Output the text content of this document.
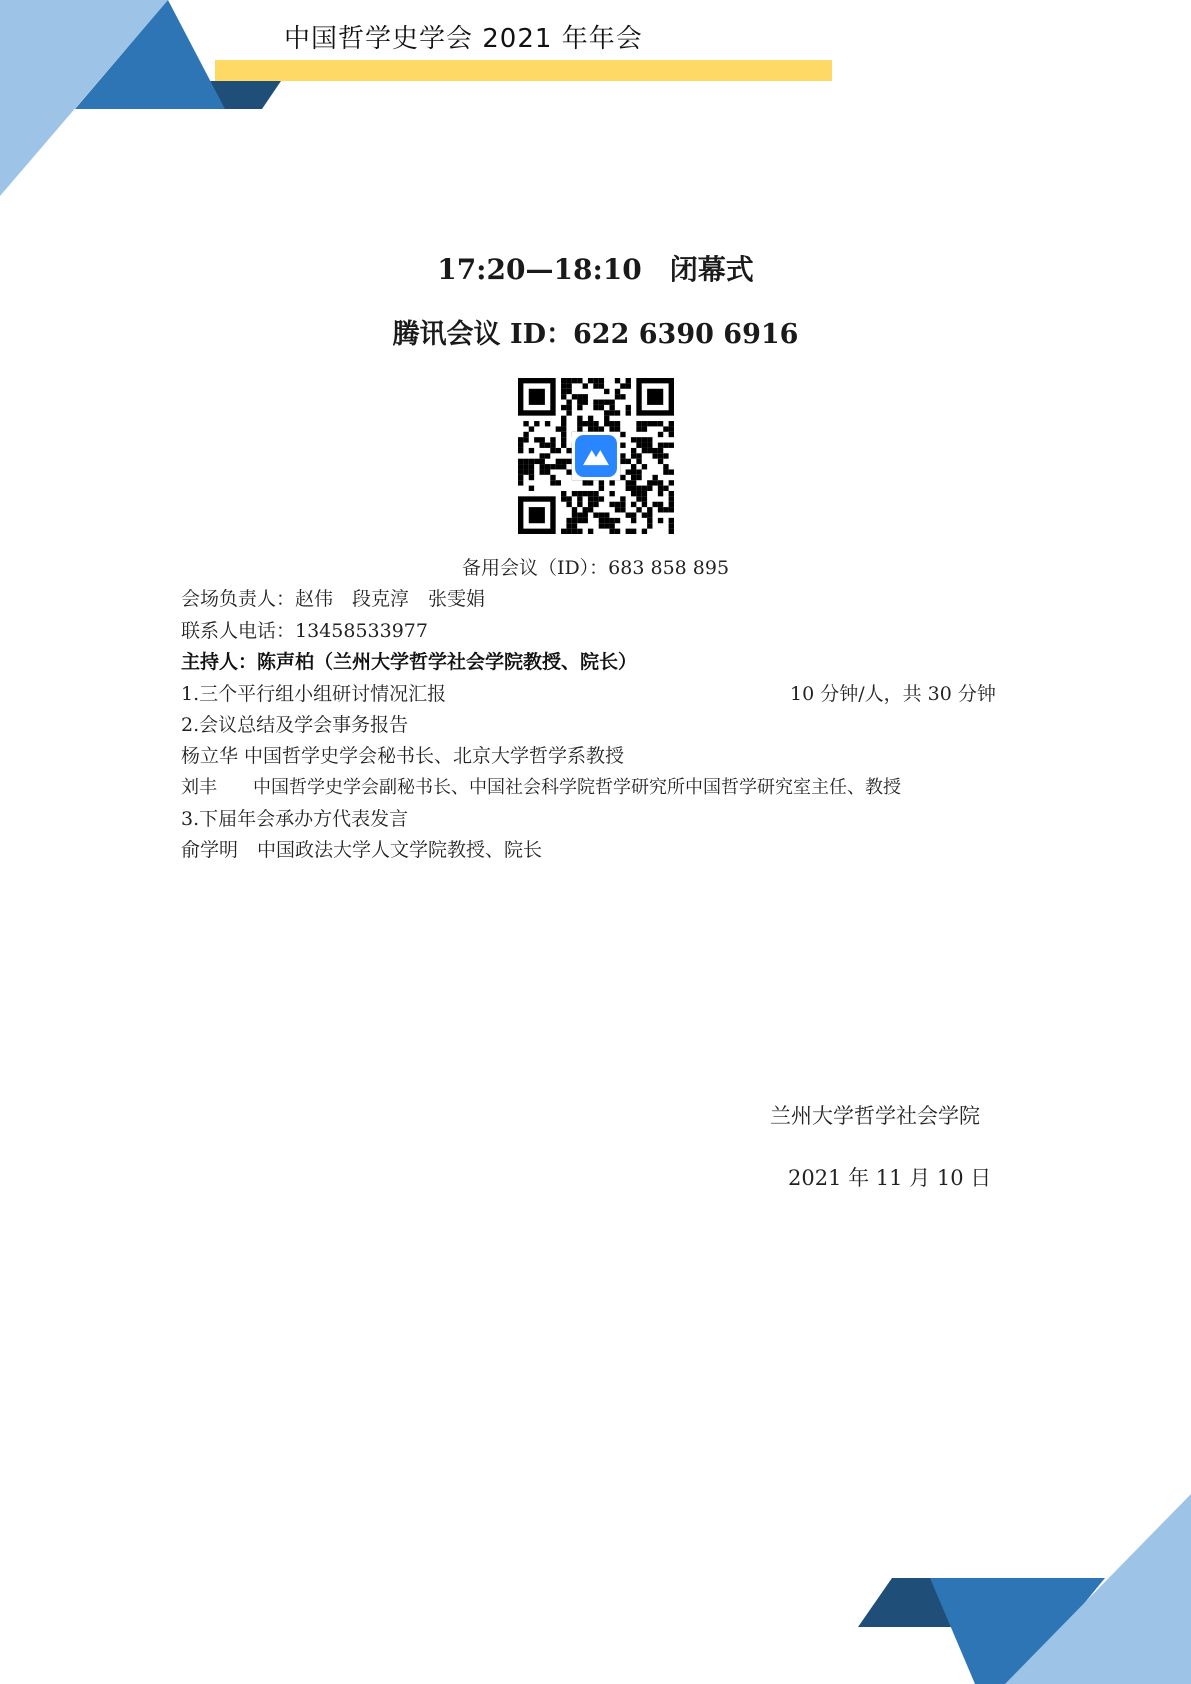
中国哲学史学会 2021 年年会
17:20—18:10　闭幕式
腾讯会议 ID：622 6390 6916
备用会议（ID）：683 858 895
会场负责人：赵伟　段克淳　张雯娟
联系人电话：13458533977
主持人：陈声柏（兰州大学哲学社会学院教授、院长）
1.三个平行组小组研讨情况汇报	10 分钟/人，共 30 分钟
2.会议总结及学会事务报告
杨立华 中国哲学史学会秘书长、北京大学哲学系教授
刘丰　　中国哲学史学会副秘书长、中国社会科学院哲学研究所中国哲学研究室主任、教授
3.下届年会承办方代表发言
俞学明　中国政法大学人文学院教授、院长
兰州大学哲学社会学院
2021 年 11 月 10 日
